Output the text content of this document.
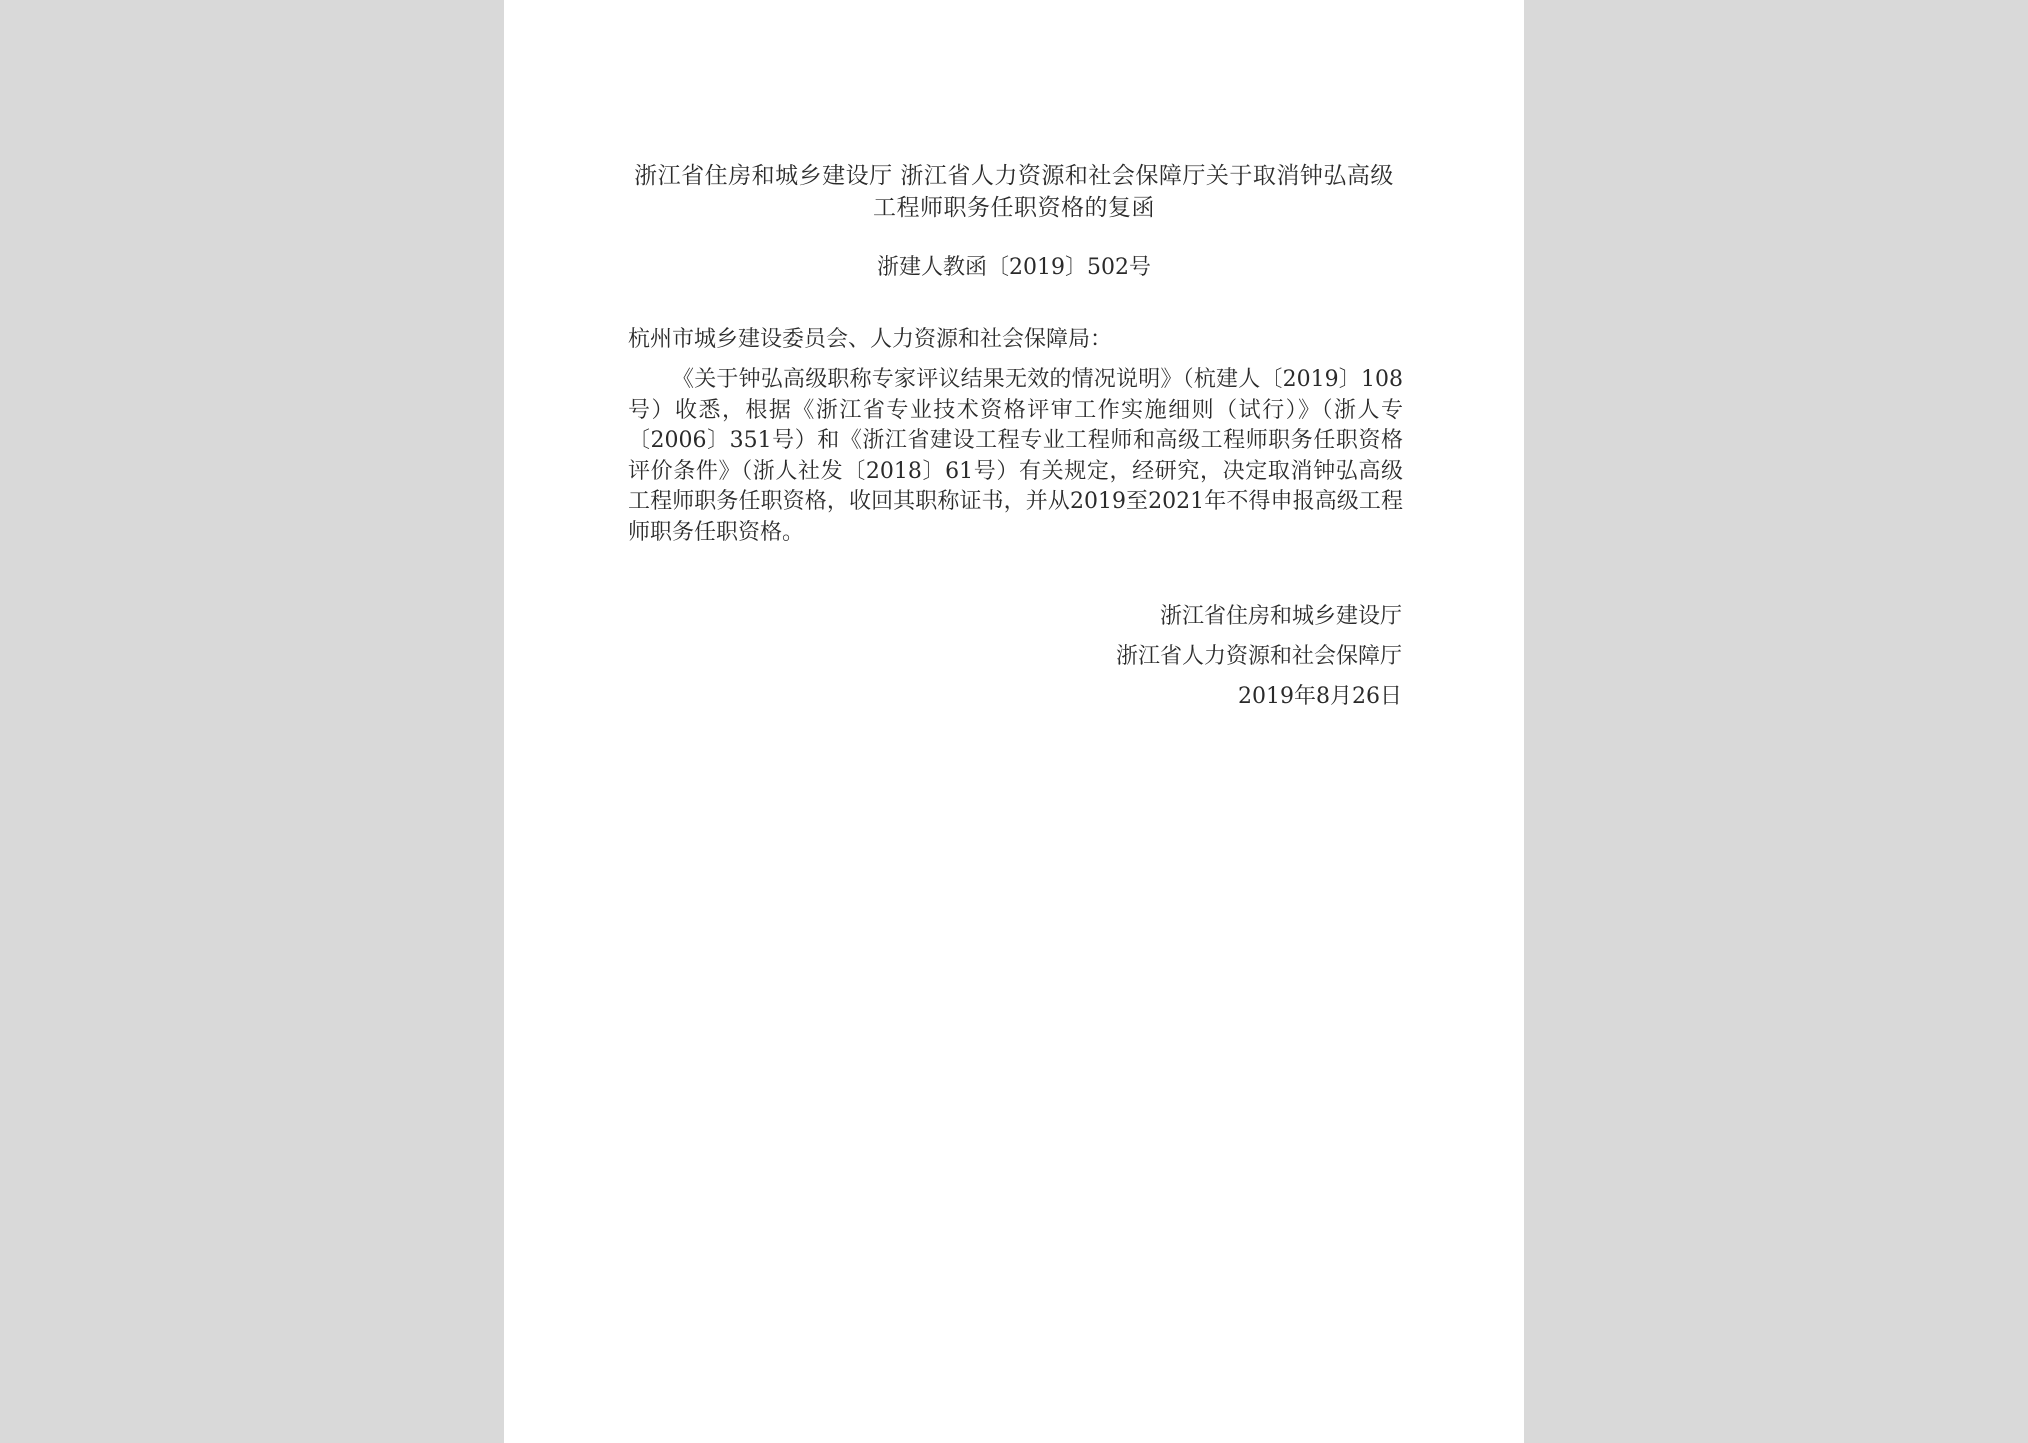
浙江省住房和城乡建设厅 浙江省人力资源和社会保障厅关于取消钟弘高级工程师职务任职资格的复函
浙建人教函〔2019〕502号
杭州市城乡建设委员会、人力资源和社会保障局：
《关于钟弘高级职称专家评议结果无效的情况说明》（杭建人〔2019〕108号）收悉，根据《浙江省专业技术资格评审工作实施细则（试行）》（浙人专〔2006〕351号）和《浙江省建设工程专业工程师和高级工程师职务任职资格评价条件》（浙人社发〔2018〕61号）有关规定，经研究，决定取消钟弘高级工程师职务任职资格，收回其职称证书，并从2019至2021年不得申报高级工程师职务任职资格。
浙江省住房和城乡建设厅
浙江省人力资源和社会保障厅
2019年8月26日
